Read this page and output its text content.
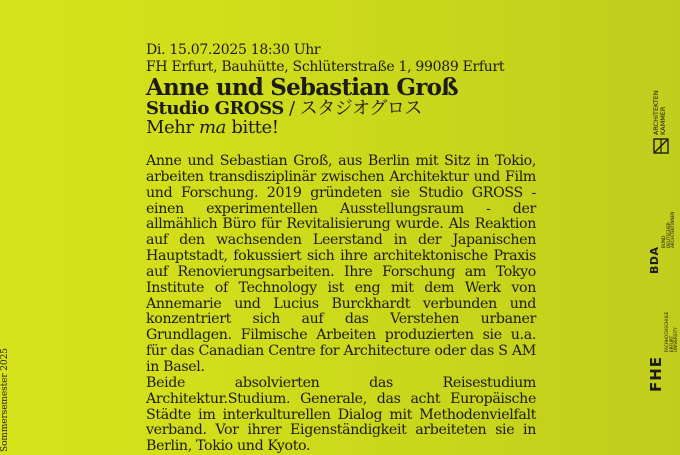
Di. 15.07.2025 18:30 Uhr
FH Erfurt, Bauhütte, Schlüterstraße 1, 99089 Erfurt
Anne und Sebastian Groß
Studio GROSS / スタジオグロス
Mehr ma bitte!

Anne und Sebastian Groß, aus Berlin mit Sitz in Tokio, arbeiten transdisziplinär zwischen Architektur und Film und Forschung. 2019 gründeten sie Studio GROSS - einen experimentellen Ausstellungsraum - der allmählich Büro für Revitalisierung wurde. Als Reaktion auf den wachsenden Leerstand in der Japanischen Hauptstadt, fokussiert sich ihre architektonische Praxis auf Renovierungsarbeiten. Ihre Forschung am Tokyo Institute of Technology ist eng mit dem Werk von Annemarie und Lucius Burckhardt verbunden und konzentriert sich auf das Verstehen urbaner Grundlagen. Filmische Arbeiten produzierten sie u.a. für das Canadian Centre for Architecture oder das S AM in Basel.

Beide absolvierten das Reisestudium Architektur.Studium. Generale, das acht Europäische Städte im interkulturellen Dialog mit Methodenvielfalt verband. Vor ihrer Eigenständigkeit arbeiteten sie in Berlin, Tokio und Kyoto.

Sommersemester 2025
ARCHITEKTEN KAMMER
BDA
BUND DEUTSCHER ARCHITEKTINNEN
FHE
FACHHOCHSCHULE ERFURT UNIVERSITY
